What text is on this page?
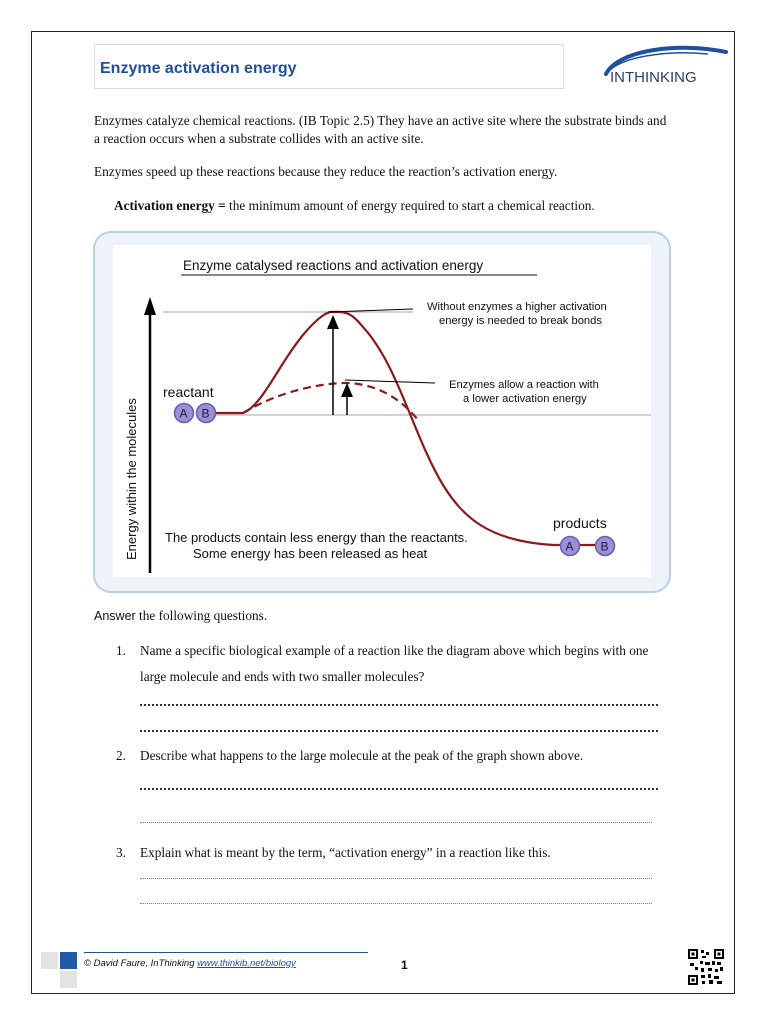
Enzyme activation energy
INTHINKING
Enzymes catalyze chemical reactions. (IB Topic 2.5) They have an active site where the substrate binds and a reaction occurs when a substrate collides with an active site.
Enzymes speed up these reactions because they reduce the reaction’s activation energy.
Activation energy = the minimum amount of energy required to start a chemical reaction.
Enzyme catalysed reactions and activation energy
Energy within the molecules
Without enzymes a higher activation
energy is needed to break bonds
Enzymes allow a reaction with
a lower activation energy
reactant
A B
products
A B
The products contain less energy than the reactants.
Some energy has been released as heat
Answer the following questions.
1. Name a specific biological example of a reaction like the diagram above which begins with one large molecule and ends with two smaller molecules?
2. Describe what happens to the large molecule at the peak of the graph shown above.
3. Explain what is meant by the term, “activation energy” in a reaction like this.
© David Faure, InThinking www.thinkib.net/biology	1
